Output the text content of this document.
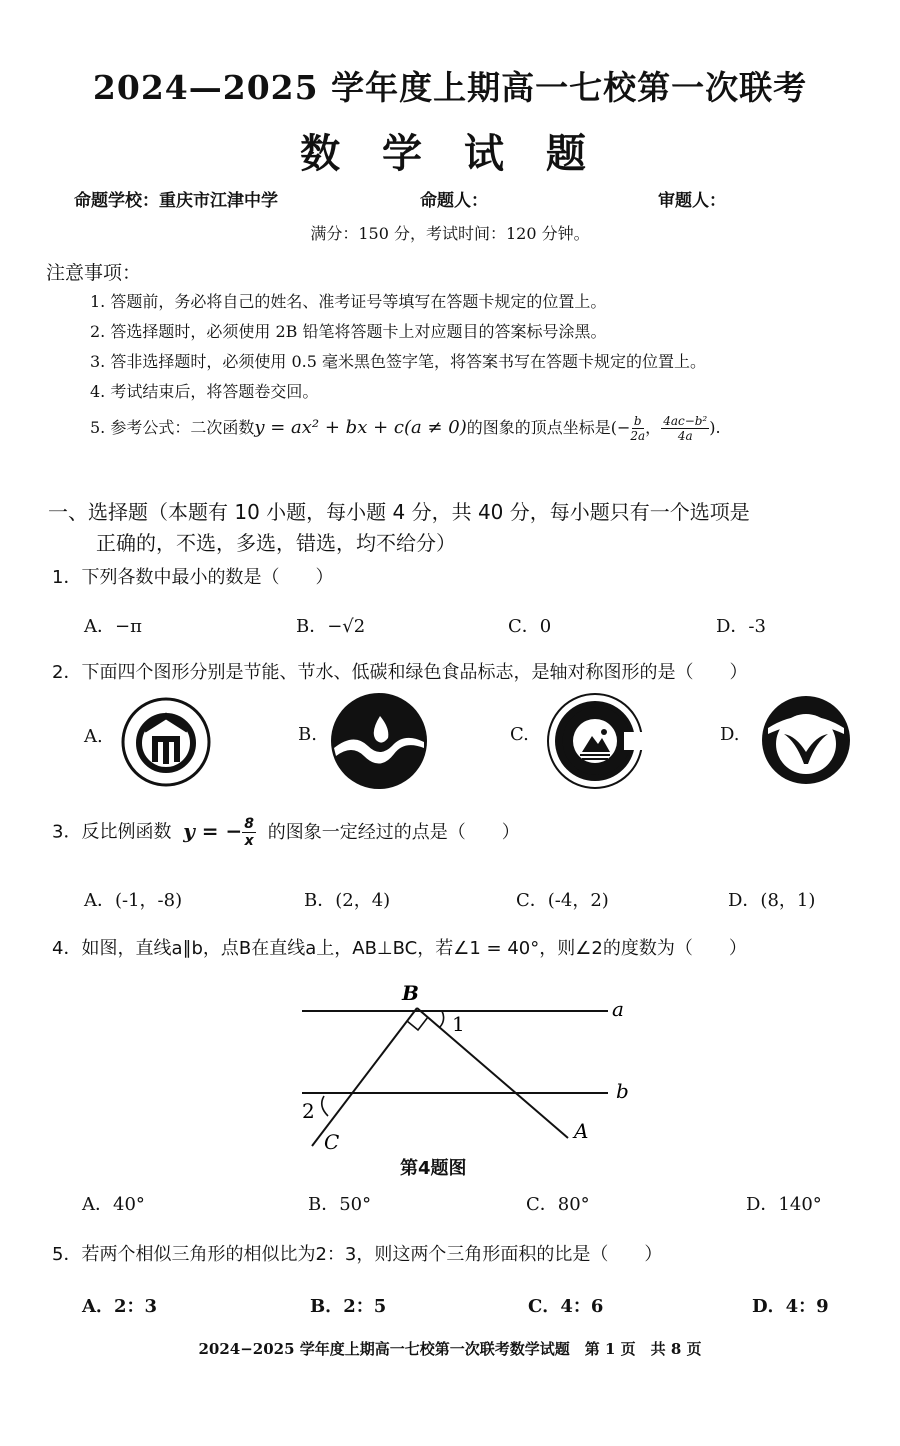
2024—2025 学年度上期高一七校第一次联考
数 学 试 题
命题学校：重庆市江津中学	命题人：	审题人：
满分：150 分，考试时间：120 分钟。
注意事项：
1. 答题前，务必将自己的姓名、准考证号等填写在答题卡规定的位置上。
2. 答选择题时，必须使用 2B 铅笔将答题卡上对应题目的答案标号涂黑。
3. 答非选择题时，必须使用 0.5 毫米黑色签字笔，将答案书写在答题卡规定的位置上。
4. 考试结束后，将答题卷交回。
5. 参考公式：二次函数y = ax² + bx + c(a ≠ 0)的图象的顶点坐标是(− $\frac{b}{2a}$ ， $\frac{\text{4ac−b²}}{4a}$ ).
一、选择题（本题有 10 小题，每小题 4 分，共 40 分，每小题只有一个选项是
正确的，不选，多选，错选，均不给分）
1．下列各数中最小的数是（　　）
A．−π	B．−√2	C．0	D．-3
2．下面四个图形分别是节能、节水、低碳和绿色食品标志，是轴对称图形的是（　　）
A.	B.	C.	D.
3．反比例函数 y = − $\frac{8}{x}$ 的图象一定经过的点是（　　）
A．(-1，-8)	B．(2，4)	C．(-4，2)	D．(8，1)
4．如图，直线a∥b，点B在直线a上，AB⊥BC，若∠1 = 40°，则∠2的度数为（　　）
B
a
b
1
2
C	A
第4题图
A．40°	B．50°	C．80°	D．140°
5．若两个相似三角形的相似比为2：3，则这两个三角形面积的比是（　　）
A．2：3	B．2：5	C．4：6	D．4：9
2024−2025 学年度上期高一七校第一次联考数学试题　第 1 页　共 8 页
